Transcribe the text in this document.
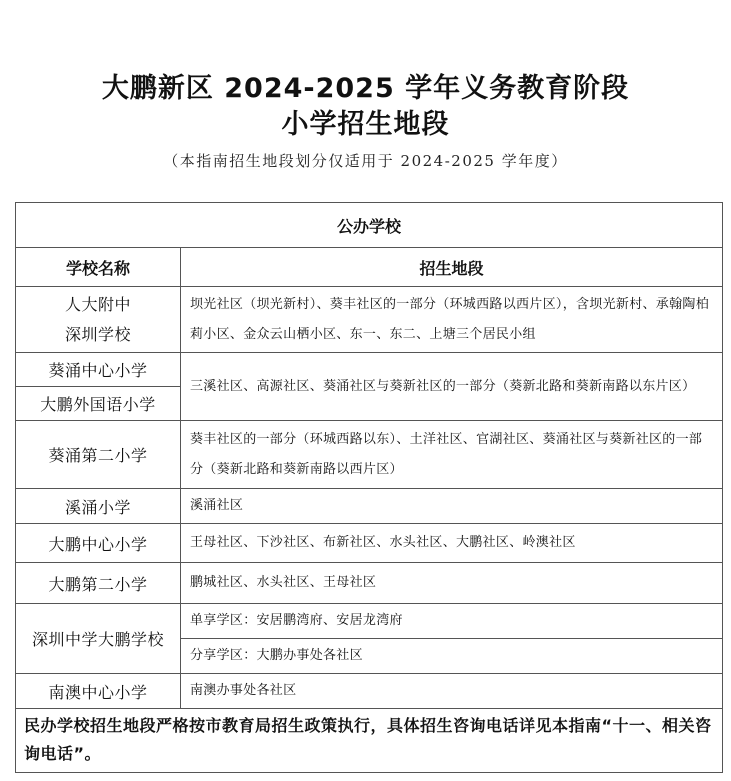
大鹏新区 2024-2025 学年义务教育阶段
小学招生地段
（本指南招生地段划分仅适用于 2024-2025 学年度）
公办学校	
学校名称	招生地段

人大附中
深圳学校	坝光社区（坝光新村）、葵丰社区的一部分（环城西路以西片区），含坝光新村、承翰陶柏莉小区、金众云山栖小区、东一、东二、上塘三个居民小组
葵涌中心小学	三溪社区、高源社区、葵涌社区与葵新社区的一部分（葵新北路和葵新南路以东片区）
大鹏外国语小学	
葵涌第二小学	葵丰社区的一部分（环城西路以东）、土洋社区、官湖社区、葵涌社区与葵新社区的一部分（葵新北路和葵新南路以西片区）
溪涌小学	溪涌社区
大鹏中心小学	王母社区、下沙社区、布新社区、水头社区、大鹏社区、岭澳社区
大鹏第二小学	鹏城社区、水头社区、王母社区
深圳中学大鹏学校	单享学区：安居鹏湾府、安居龙湾府
	分享学区：大鹏办事处各社区
南澳中心小学	南澳办事处各社区
民办学校招生地段严格按市教育局招生政策执行，具体招生咨询电话详见本指南“十一、相关咨询电话”。	
